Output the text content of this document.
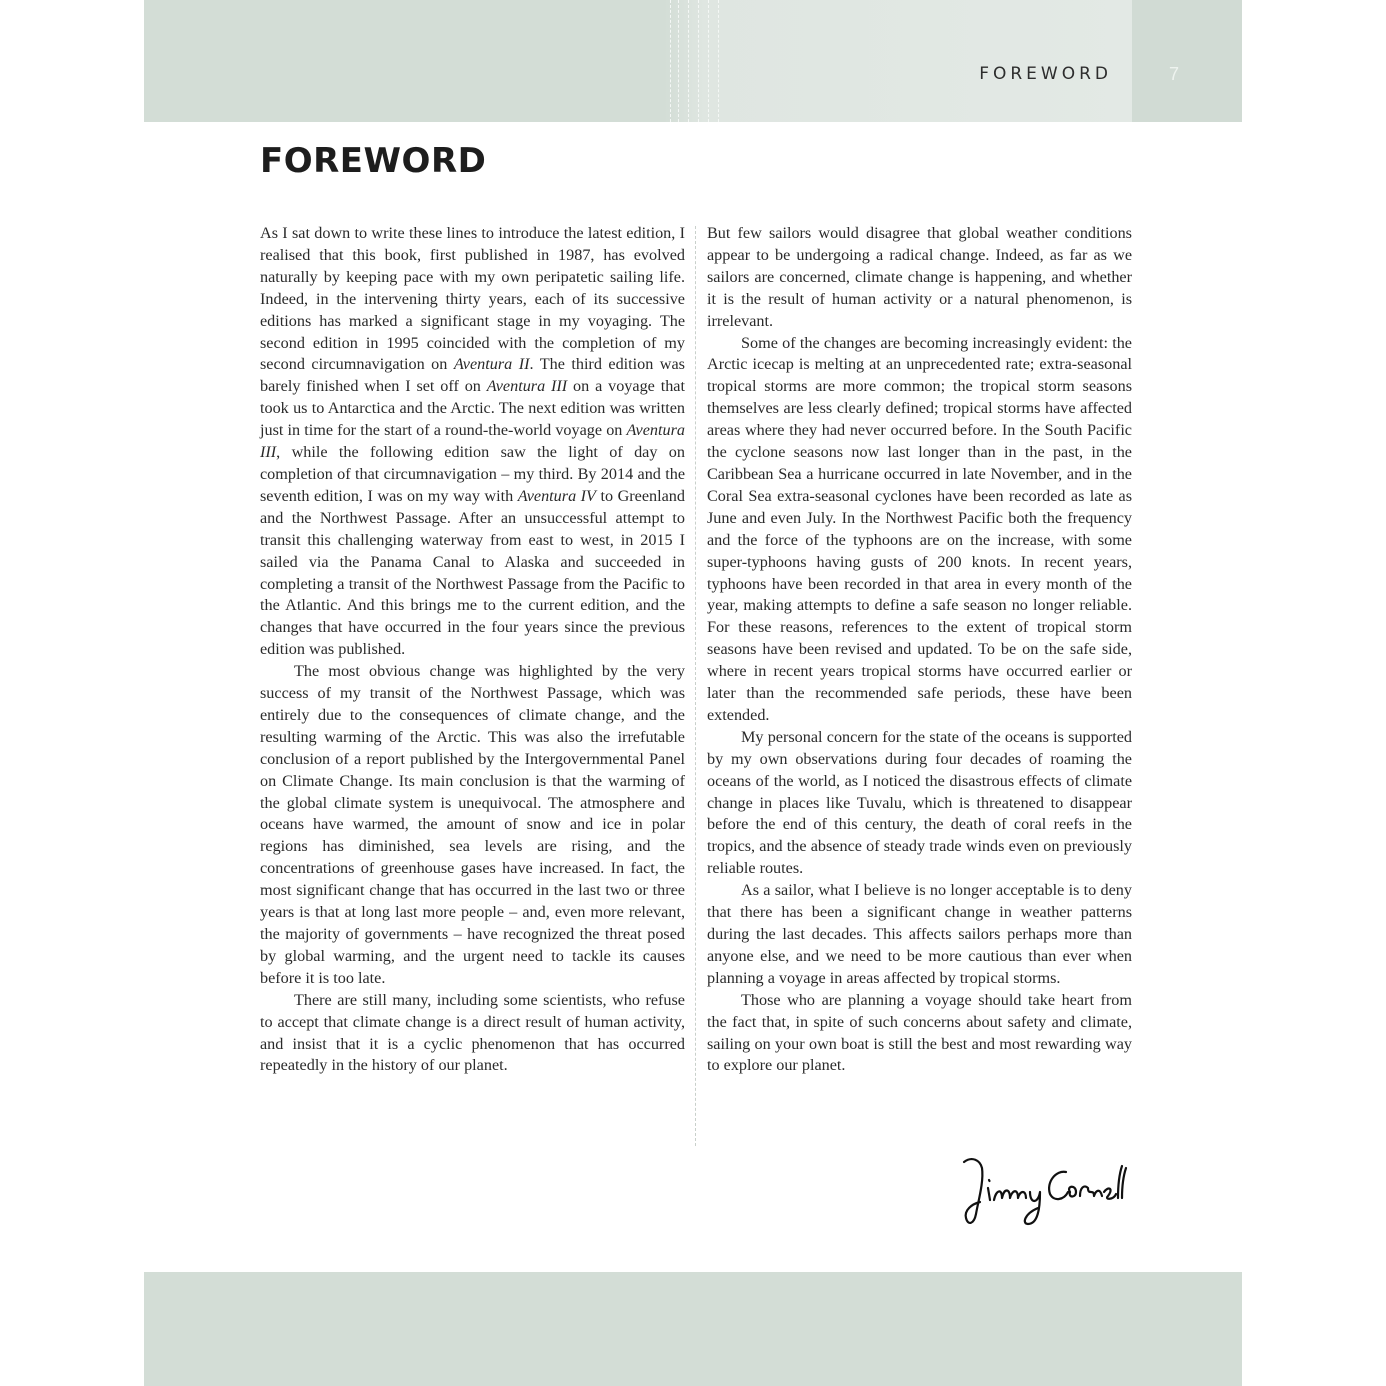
FOREWORD	7
FOREWORD

As I sat down to write these lines to introduce the latest edition, I realised that this book, first published in 1987, has evolved naturally by keeping pace with my own peripatetic sailing life. Indeed, in the intervening thirty years, each of its successive editions has marked a significant stage in my voyaging. The second edition in 1995 coincided with the completion of my second circumnavigation on Aventura II. The third edition was barely finished when I set off on Aventura III on a voyage that took us to Antarctica and the Arctic. The next edition was written just in time for the start of a round-the-world voyage on Aventura III, while the following edition saw the light of day on completion of that circumnavigation – my third. By 2014 and the seventh edition, I was on my way with Aventura IV to Greenland and the Northwest Passage. After an unsuccessful attempt to transit this challenging waterway from east to west, in 2015 I sailed via the Panama Canal to Alaska and succeeded in completing a transit of the Northwest Passage from the Pacific to the Atlantic. And this brings me to the current edition, and the changes that have occurred in the four years since the previous edition was published.

The most obvious change was highlighted by the very success of my transit of the Northwest Passage, which was entirely due to the consequences of climate change, and the resulting warming of the Arctic. This was also the irrefutable conclusion of a report published by the Intergovernmental Panel on Climate Change. Its main conclusion is that the warming of the global climate system is unequivocal. The atmosphere and oceans have warmed, the amount of snow and ice in polar regions has diminished, sea levels are rising, and the concentrations of greenhouse gases have increased. In fact, the most significant change that has occurred in the last two or three years is that at long last more people – and, even more relevant, the majority of governments – have recognized the threat posed by global warming, and the urgent need to tackle its causes before it is too late.

There are still many, including some scientists, who refuse to accept that climate change is a direct result of human activity, and insist that it is a cyclic phenomenon that has occurred repeatedly in the history of our planet.

But few sailors would disagree that global weather conditions appear to be undergoing a radical change. Indeed, as far as we sailors are concerned, climate change is happening, and whether it is the result of human activity or a natural phenomenon, is irrelevant.

Some of the changes are becoming increasingly evident: the Arctic icecap is melting at an unprecedented rate; extra-seasonal tropical storms are more common; the tropical storm seasons themselves are less clearly defined; tropical storms have affected areas where they had never occurred before. In the South Pacific the cyclone seasons now last longer than in the past, in the Caribbean Sea a hurricane occurred in late November, and in the Coral Sea extra-seasonal cyclones have been recorded as late as June and even July. In the Northwest Pacific both the frequency and the force of the typhoons are on the increase, with some super-typhoons having gusts of 200 knots. In recent years, typhoons have been recorded in that area in every month of the year, making attempts to define a safe season no longer reliable. For these reasons, references to the extent of tropical storm seasons have been revised and updated. To be on the safe side, where in recent years tropical storms have occurred earlier or later than the recommended safe periods, these have been extended.

My personal concern for the state of the oceans is supported by my own observations during four decades of roaming the oceans of the world, as I noticed the disastrous effects of climate change in places like Tuvalu, which is threatened to disappear before the end of this century, the death of coral reefs in the tropics, and the absence of steady trade winds even on previously reliable routes.

As a sailor, what I believe is no longer acceptable is to deny that there has been a significant change in weather patterns during the last decades. This affects sailors perhaps more than anyone else, and we need to be more cautious than ever when planning a voyage in areas affected by tropical storms.

Those who are planning a voyage should take heart from the fact that, in spite of such concerns about safety and climate, sailing on your own boat is still the best and most rewarding way to explore our planet.
